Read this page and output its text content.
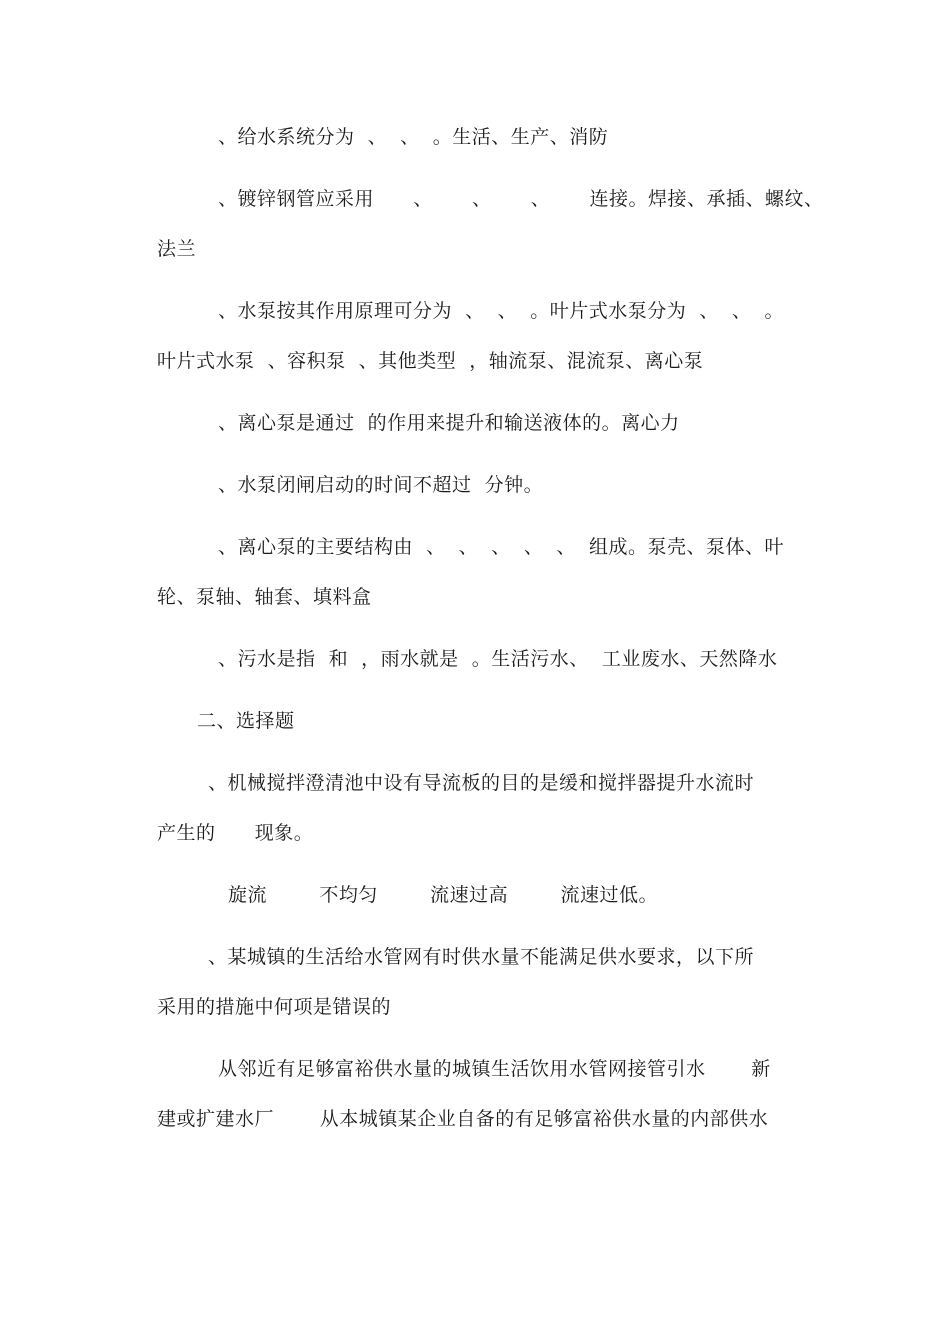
、给水系统分为  、  、  。生活、生产、消防
、镀锌钢管应采用      、      、      、      连接。焊接、承插、螺纹、
法兰
、水泵按其作用原理可分为  、  、  。叶片式水泵分为  、  、  。
叶片式水泵  、容积泵  、其他类型  ，轴流泵、混流泵、离心泵
、离心泵是通过  的作用来提升和输送液体的。离心力
、水泵闭闸启动的时间不超过  分钟。
、离心泵的主要结构由  、  、  、  、  、  组成。泵壳、泵体、叶
轮、泵轴、轴套、填料盒
、污水是指  和  ，雨水就是  。生活污水、  工业废水、天然降水
二、选择题
、机械搅拌澄清池中设有导流板的目的是缓和搅拌器提升水流时
产生的      现象。
旋流        不均匀        流速过高        流速过低。
、某城镇的生活给水管网有时供水量不能满足供水要求，以下所
采用的措施中何项是错误的
从邻近有足够富裕供水量的城镇生活饮用水管网接管引水       新
建或扩建水厂       从本城镇某企业自备的有足够富裕供水量的内部供水
